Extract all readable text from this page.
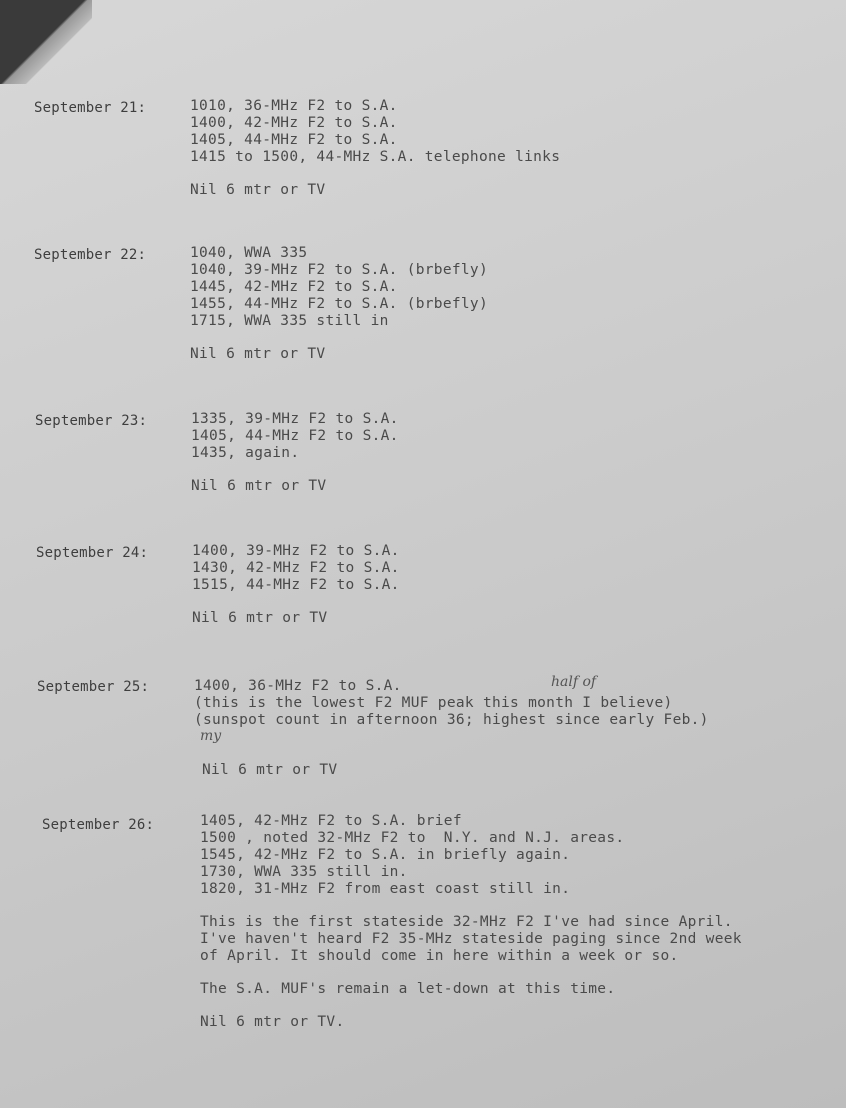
September 21:	1010, 36-MHz F2 to S.A.
1400, 42-MHz F2 to S.A.
1405, 44-MHz F2 to S.A.
1415 to 1500, 44-MHz S.A. telephone links
Nil 6 mtr or TV
September 22:	1040, WWA 335
1040, 39-MHz F2 to S.A. (brbefly)
1445, 42-MHz F2 to S.A.
1455, 44-MHz F2 to S.A. (brbefly)
1715, WWA 335 still in
Nil 6 mtr or TV
September 23:	1335, 39-MHz F2 to S.A.
1405, 44-MHz F2 to S.A.
1435, again.
Nil 6 mtr or TV
September 24:	1400, 39-MHz F2 to S.A.
1430, 42-MHz F2 to S.A.
1515, 44-MHz F2 to S.A.
Nil 6 mtr or TV
September 25:	half of
1400, 36-MHz F2 to S.A.
(this is the lowest F2 MUF peak this month I believe)
(sunspot count in afternoon 36; highest since early Feb.)
my
Nil 6 mtr or TV
September 26:	1405, 42-MHz F2 to S.A. brief
1500 , noted 32-MHz F2 to  N.Y. and N.J. areas.
1545, 42-MHz F2 to S.A. in briefly again.
1730, WWA 335 still in.
1820, 31-MHz F2 from east coast still in.
This is the first stateside 32-MHz F2 I've had since April.
I've haven't heard F2 35-MHz stateside paging since 2nd week
of April. It should come in here within a week or so.
The S.A. MUF's remain a let-down at this time.
Nil 6 mtr or TV.
